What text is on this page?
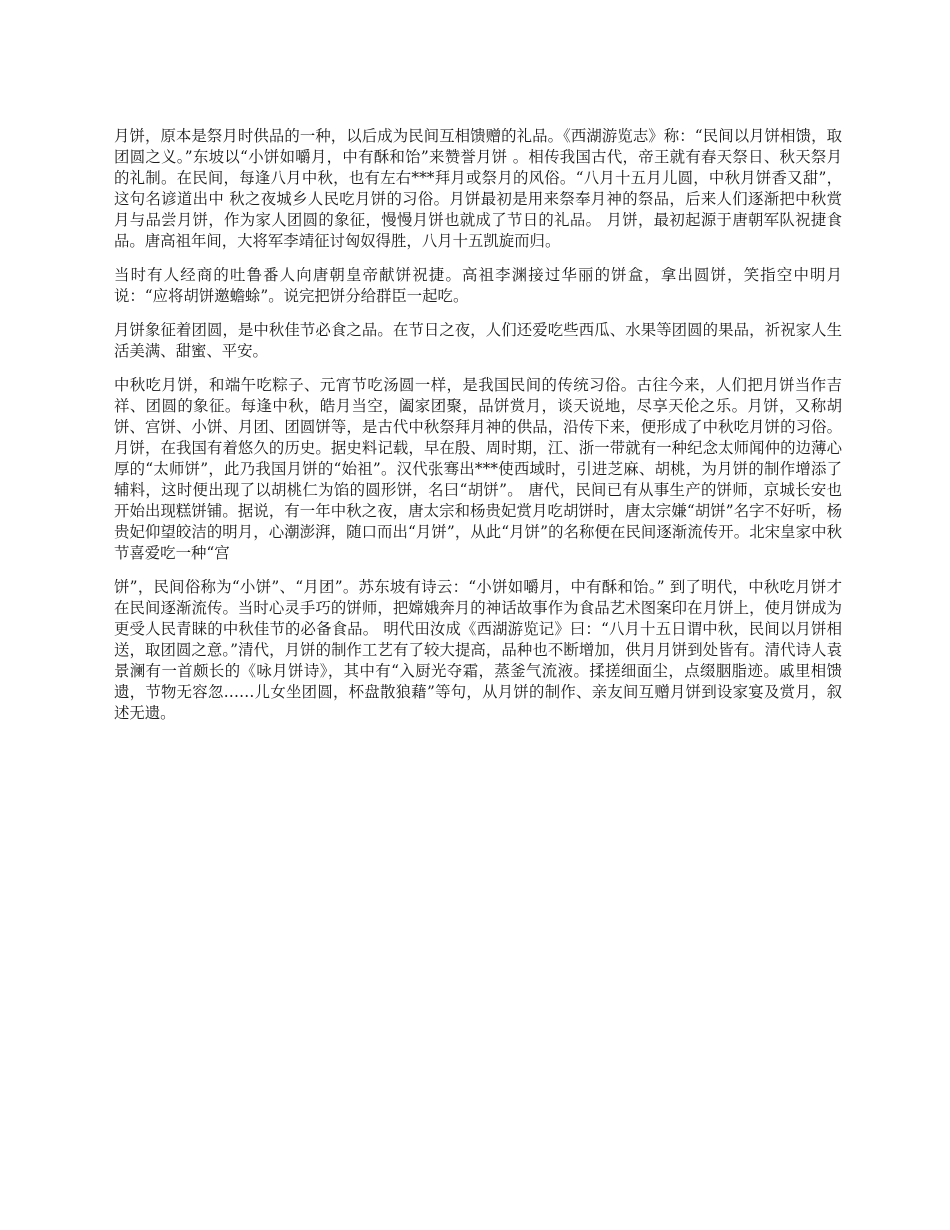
月饼，原本是祭月时供品的一种，以后成为民间互相馈赠的礼品。《西湖游览志》称：“民间以月饼相馈，取团圆之义。”东坡以“小饼如嚼月，中有酥和饴”来赞誉月饼 。相传我国古代，帝王就有春天祭日、秋天祭月的礼制。在民间，每逢八月中秋，也有左右***拜月或祭月的风俗。“八月十五月儿圆，中秋月饼香又甜”，这句名谚道出中 秋之夜城乡人民吃月饼的习俗。月饼最初是用来祭奉月神的祭品，后来人们逐渐把中秋赏月与品尝月饼，作为家人团圆的象征，慢慢月饼也就成了节日的礼品。 月饼，最初起源于唐朝军队祝捷食品。唐高祖年间，大将军李靖征讨匈奴得胜，八月十五凯旋而归。

当时有人经商的吐鲁番人向唐朝皇帝献饼祝捷。高祖李渊接过华丽的饼盒，拿出圆饼，笑指空中明月说：“应将胡饼邀蟾蜍”。说完把饼分给群臣一起吃。

月饼象征着团圆，是中秋佳节必食之品。在节日之夜，人们还爱吃些西瓜、水果等团圆的果品，祈祝家人生活美满、甜蜜、平安。

中秋吃月饼，和端午吃粽子、元宵节吃汤圆一样，是我国民间的传统习俗。古往今来，人们把月饼当作吉祥、团圆的象征。每逢中秋，皓月当空，阖家团聚，品饼赏月，谈天说地，尽享天伦之乐。月饼，又称胡饼、宫饼、小饼、月团、团圆饼等，是古代中秋祭拜月神的供品，沿传下来，便形成了中秋吃月饼的习俗。月饼，在我国有着悠久的历史。据史料记载，早在殷、周时期，江、浙一带就有一种纪念太师闻仲的边薄心厚的“太师饼”，此乃我国月饼的“始祖”。汉代张骞出***使西域时，引进芝麻、胡桃，为月饼的制作增添了辅料，这时便出现了以胡桃仁为馅的圆形饼，名曰“胡饼”。 唐代，民间已有从事生产的饼师，京城长安也开始出现糕饼铺。据说，有一年中秋之夜，唐太宗和杨贵妃赏月吃胡饼时，唐太宗嫌“胡饼”名字不好听，杨贵妃仰望皎洁的明月，心潮澎湃，随口而出“月饼”，从此“月饼”的名称便在民间逐渐流传开。北宋皇家中秋节喜爱吃一种“宫

饼”，民间俗称为“小饼”、“月团”。苏东坡有诗云：“小饼如嚼月，中有酥和饴。” 到了明代，中秋吃月饼才在民间逐渐流传。当时心灵手巧的饼师，把嫦娥奔月的神话故事作为食品艺术图案印在月饼上，使月饼成为更受人民青睐的中秋佳节的必备食品。 明代田汝成《西湖游览记》曰：“八月十五日谓中秋，民间以月饼相送，取团圆之意。”清代，月饼的制作工艺有了较大提高，品种也不断增加，供月月饼到处皆有。清代诗人袁景澜有一首颇长的《咏月饼诗》，其中有“入厨光夺霜，蒸釜气流液。揉搓细面尘，点缀胭脂迹。戚里相馈遗，节物无容忽……儿女坐团圆，杯盘散狼藉”等句，从月饼的制作、亲友间互赠月饼到设家宴及赏月，叙述无遗。
